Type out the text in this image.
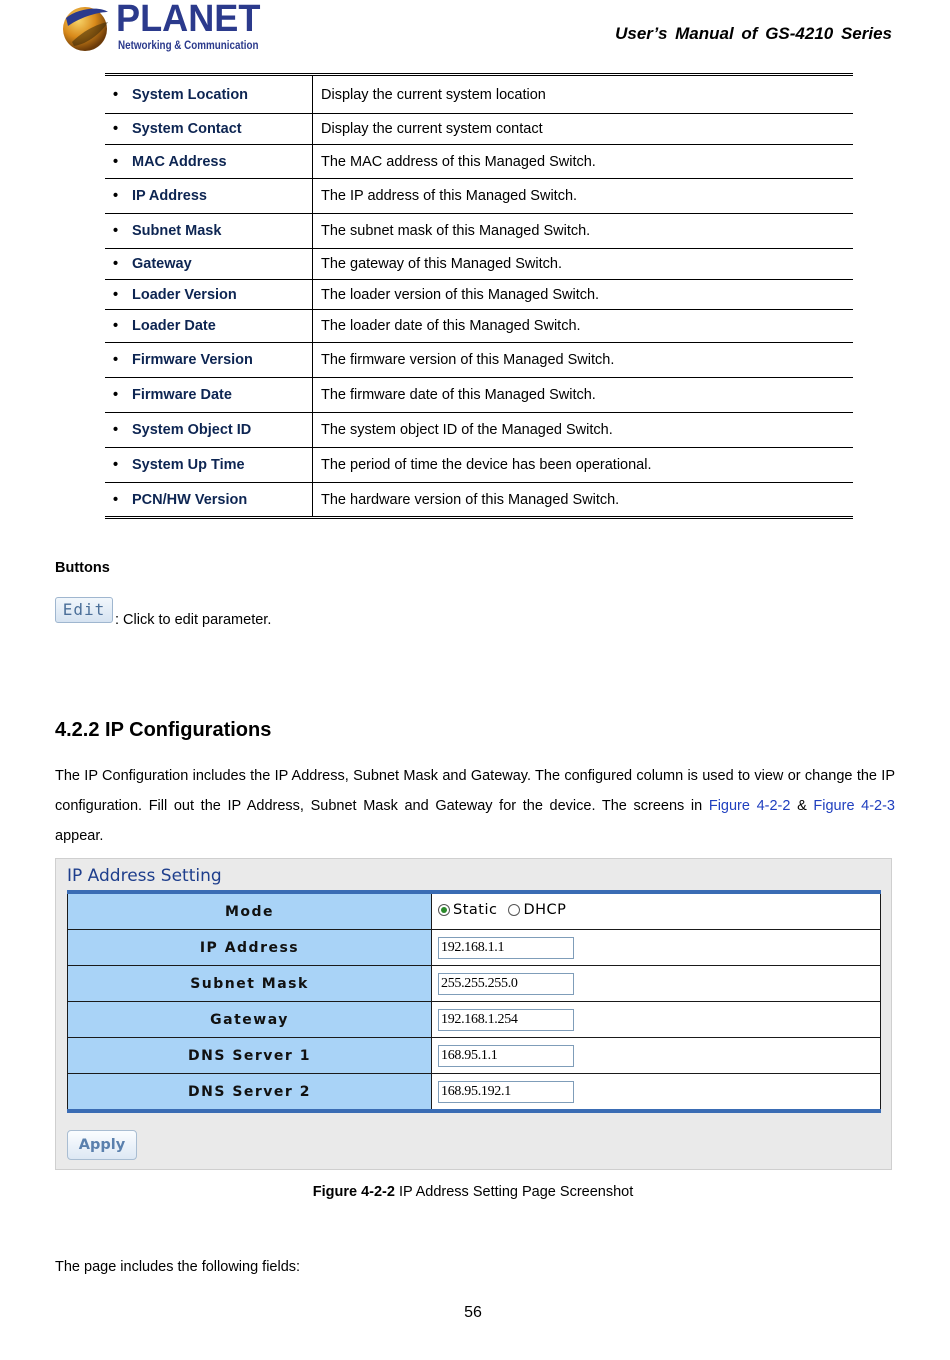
PLANET
Networking & Communication
User’s Manual of GS-4210 Series
• System Location	Display the current system location
• System Contact	Display the current system contact
• MAC Address	The MAC address of this Managed Switch.
• IP Address	The IP address of this Managed Switch.
• Subnet Mask	The subnet mask of this Managed Switch.
• Gateway	The gateway of this Managed Switch.
• Loader Version	The loader version of this Managed Switch.
• Loader Date	The loader date of this Managed Switch.
• Firmware Version	The firmware version of this Managed Switch.
• Firmware Date	The firmware date of this Managed Switch.
• System Object ID	The system object ID of the Managed Switch.
• System Up Time	The period of time the device has been operational.
• PCN/HW Version	The hardware version of this Managed Switch.
Buttons
Edit
: Click to edit parameter.
4.2.2 IP Configurations
The IP Configuration includes the IP Address, Subnet Mask and Gateway. The configured column is used to view or change the IP configuration. Fill out the IP Address, Subnet Mask and Gateway for the device. The screens in Figure 4-2-2 & Figure 4-2-3 appear.
IP Address Setting
Mode	Static DHCP

IP Address	192.168.1.1
Subnet Mask	255.255.255.0
Gateway	192.168.1.254
DNS Server 1	168.95.1.1
DNS Server 2	168.95.192.1
Apply
Figure 4-2-2 IP Address Setting Page Screenshot
The page includes the following fields:
56
